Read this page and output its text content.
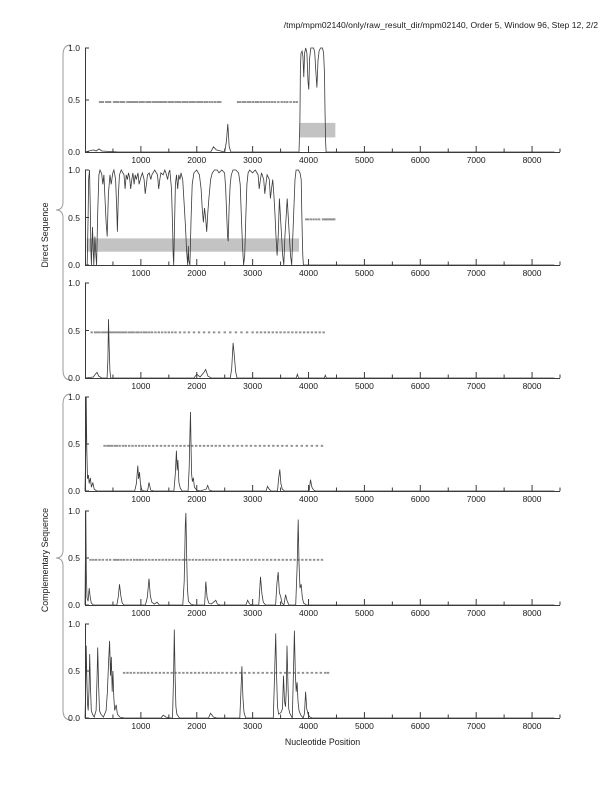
/tmp/mpm02140/only/raw_result_dir/mpm02140, Order 5, Window 96, Step 12, 2/2
Direct Sequence
Complementary Sequence
1.0
0.5
0.0
1000	2000	3000	4000	5000	6000	7000	8000
1.0
0.5
0.0
1000	2000	3000	4000	5000	6000	7000	8000
1.0
0.5
0.0
1000	2000	3000	4000	5000	6000	7000	8000
1.0
0.5
0.0
1000	2000	3000	4000	5000	6000	7000	8000
1.0
0.5
0.0
1000	2000	3000	4000	5000	6000	7000	8000
1.0
0.5
0.0
1000	2000	3000	4000	5000	6000	7000	8000
Nucleotide Position
